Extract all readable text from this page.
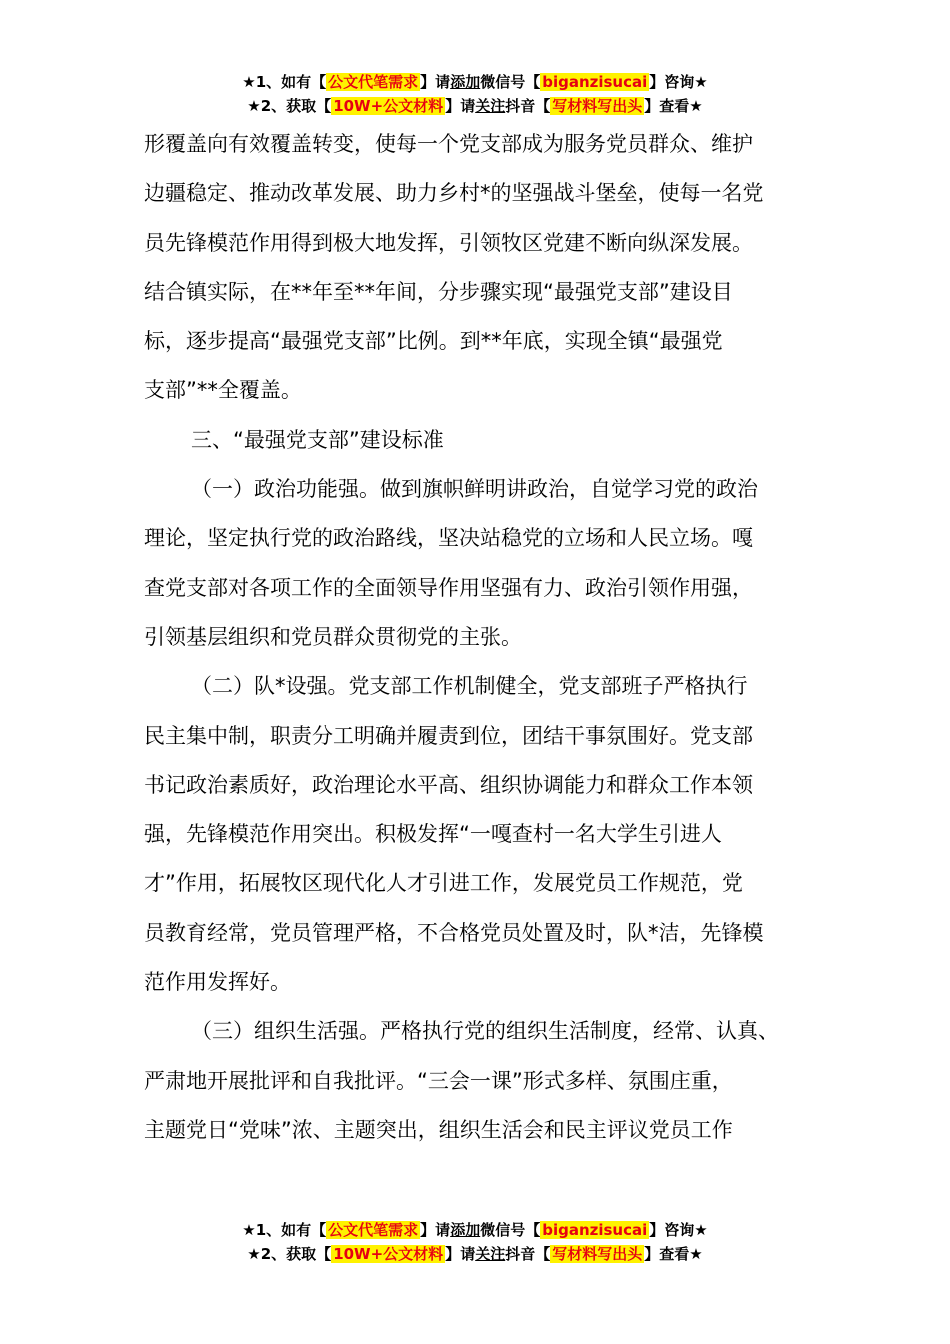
★1、如有【 公文代笔需求 】请添加微信号【 biganzisucai 】咨询★
★2、获取【 10W+公文材料 】请关注抖音【 写材料写出头 】查看★
形覆盖向有效覆盖转变，使每一个党支部成为服务党员群众、维护
边疆稳定、推动改革发展、助力乡村*的坚强战斗堡垒，使每一名党
员先锋模范作用得到极大地发挥，引领牧区党建不断向纵深发展。
结合镇实际，在**年至**年间，分步骤实现“最强党支部”建设目
标，逐步提高“最强党支部”比例。到**年底，实现全镇“最强党
支部”**全覆盖。
三、“最强党支部”建设标准
（一）政治功能强。做到旗帜鲜明讲政治，自觉学习党的政治
理论，坚定执行党的政治路线，坚决站稳党的立场和人民立场。嘎
查党支部对各项工作的全面领导作用坚强有力、政治引领作用强，
引领基层组织和党员群众贯彻党的主张。
（二）队*设强。党支部工作机制健全，党支部班子严格执行
民主集中制，职责分工明确并履责到位，团结干事氛围好。党支部
书记政治素质好，政治理论水平高、组织协调能力和群众工作本领
强，先锋模范作用突出。积极发挥“一嘎查村一名大学生引进人
才”作用，拓展牧区现代化人才引进工作，发展党员工作规范，党
员教育经常，党员管理严格，不合格党员处置及时，队*洁，先锋模
范作用发挥好。
（三）组织生活强。严格执行党的组织生活制度，经常、认真、
严肃地开展批评和自我批评。“三会一课”形式多样、氛围庄重，
主题党日“党味”浓、主题突出，组织生活会和民主评议党员工作
★1、如有【 公文代笔需求 】请添加微信号【 biganzisucai 】咨询★
★2、获取【 10W+公文材料 】请关注抖音【 写材料写出头 】查看★
